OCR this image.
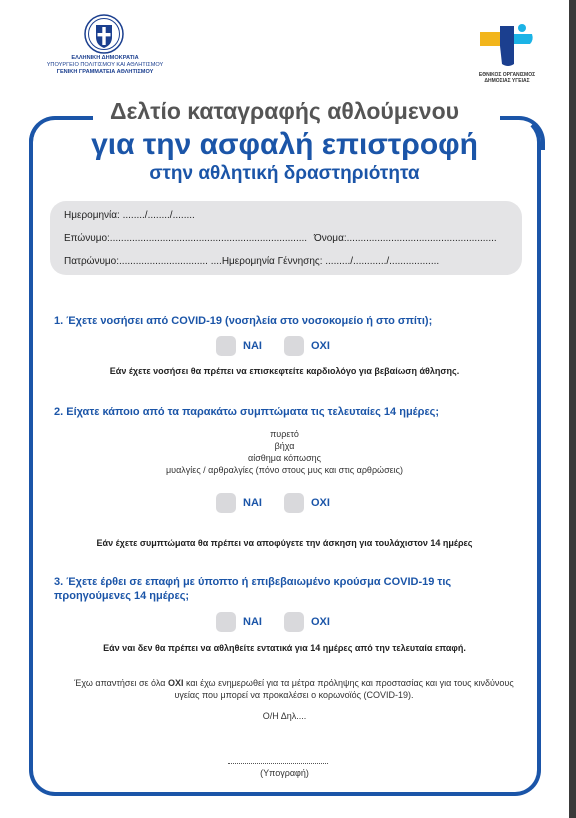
ΕΛΛΗΝΙΚΗ ΔΗΜΟΚΡΑΤΙΑ
ΥΠΟΥΡΓΕΙΟ ΠΟΛΙΤΙΣΜΟΥ ΚΑΙ ΑΘΛΗΤΙΣΜΟΥ
ΓΕΝΙΚΗ ΓΡΑΜΜΑΤΕΙΑ ΑΘΛΗΤΙΣΜΟΥ	ΕΘΝΙΚΟΣ ΟΡΓΑΝΙΣΜΟΣ
ΔΗΜΟΣΙΑΣ ΥΓΕΙΑΣ
Δελτίο καταγραφής αθλούμενου
για την ασφαλή επιστροφή
στην αθλητική δραστηριότητα
Ημερομηνία: ......../......../........
Επώνυμο:....................................................................... Όνομα:......................................................
Πατρώνυμο:................................ ....Ημερομηνία Γέννησης: ........./............/..................
1. Έχετε νοσήσει από COVID-19 (νοσηλεία στο νοσοκομείο ή στο σπίτι);
ΝΑΙ	ΟΧΙ
Εάν έχετε νοσήσει θα πρέπει να επισκεφτείτε καρδιολόγο για βεβαίωση άθλησης.
2. Είχατε κάποιο από τα παρακάτω συμπτώματα τις τελευταίες 14 ημέρες;
πυρετό
βήχα
αίσθημα κόπωσης
μυαλγίες / αρθραλγίες (πόνο στους μυς και στις αρθρώσεις)
ΝΑΙ	ΟΧΙ
Εάν έχετε συμπτώματα θα πρέπει να αποφύγετε την άσκηση για τουλάχιστον 14 ημέρες
3. Έχετε έρθει σε επαφή με ύποπτο ή επιβεβαιωμένο κρούσμα COVID-19 τις
προηγούμενες 14 ημέρες;
ΝΑΙ	ΟΧΙ
Εάν ναι δεν θα πρέπει να αθληθείτε εντατικά για 14 ημέρες από την τελευταία επαφή.
Έχω απαντήσει σε όλα ΟΧΙ και έχω ενημερωθεί για τα μέτρα πρόληψης και προστασίας και για τους κινδύνους υγείας που μπορεί να προκαλέσει ο κορωνοϊός (COVID-19).
Ο/Η Δηλ....
(Υπογραφή)
